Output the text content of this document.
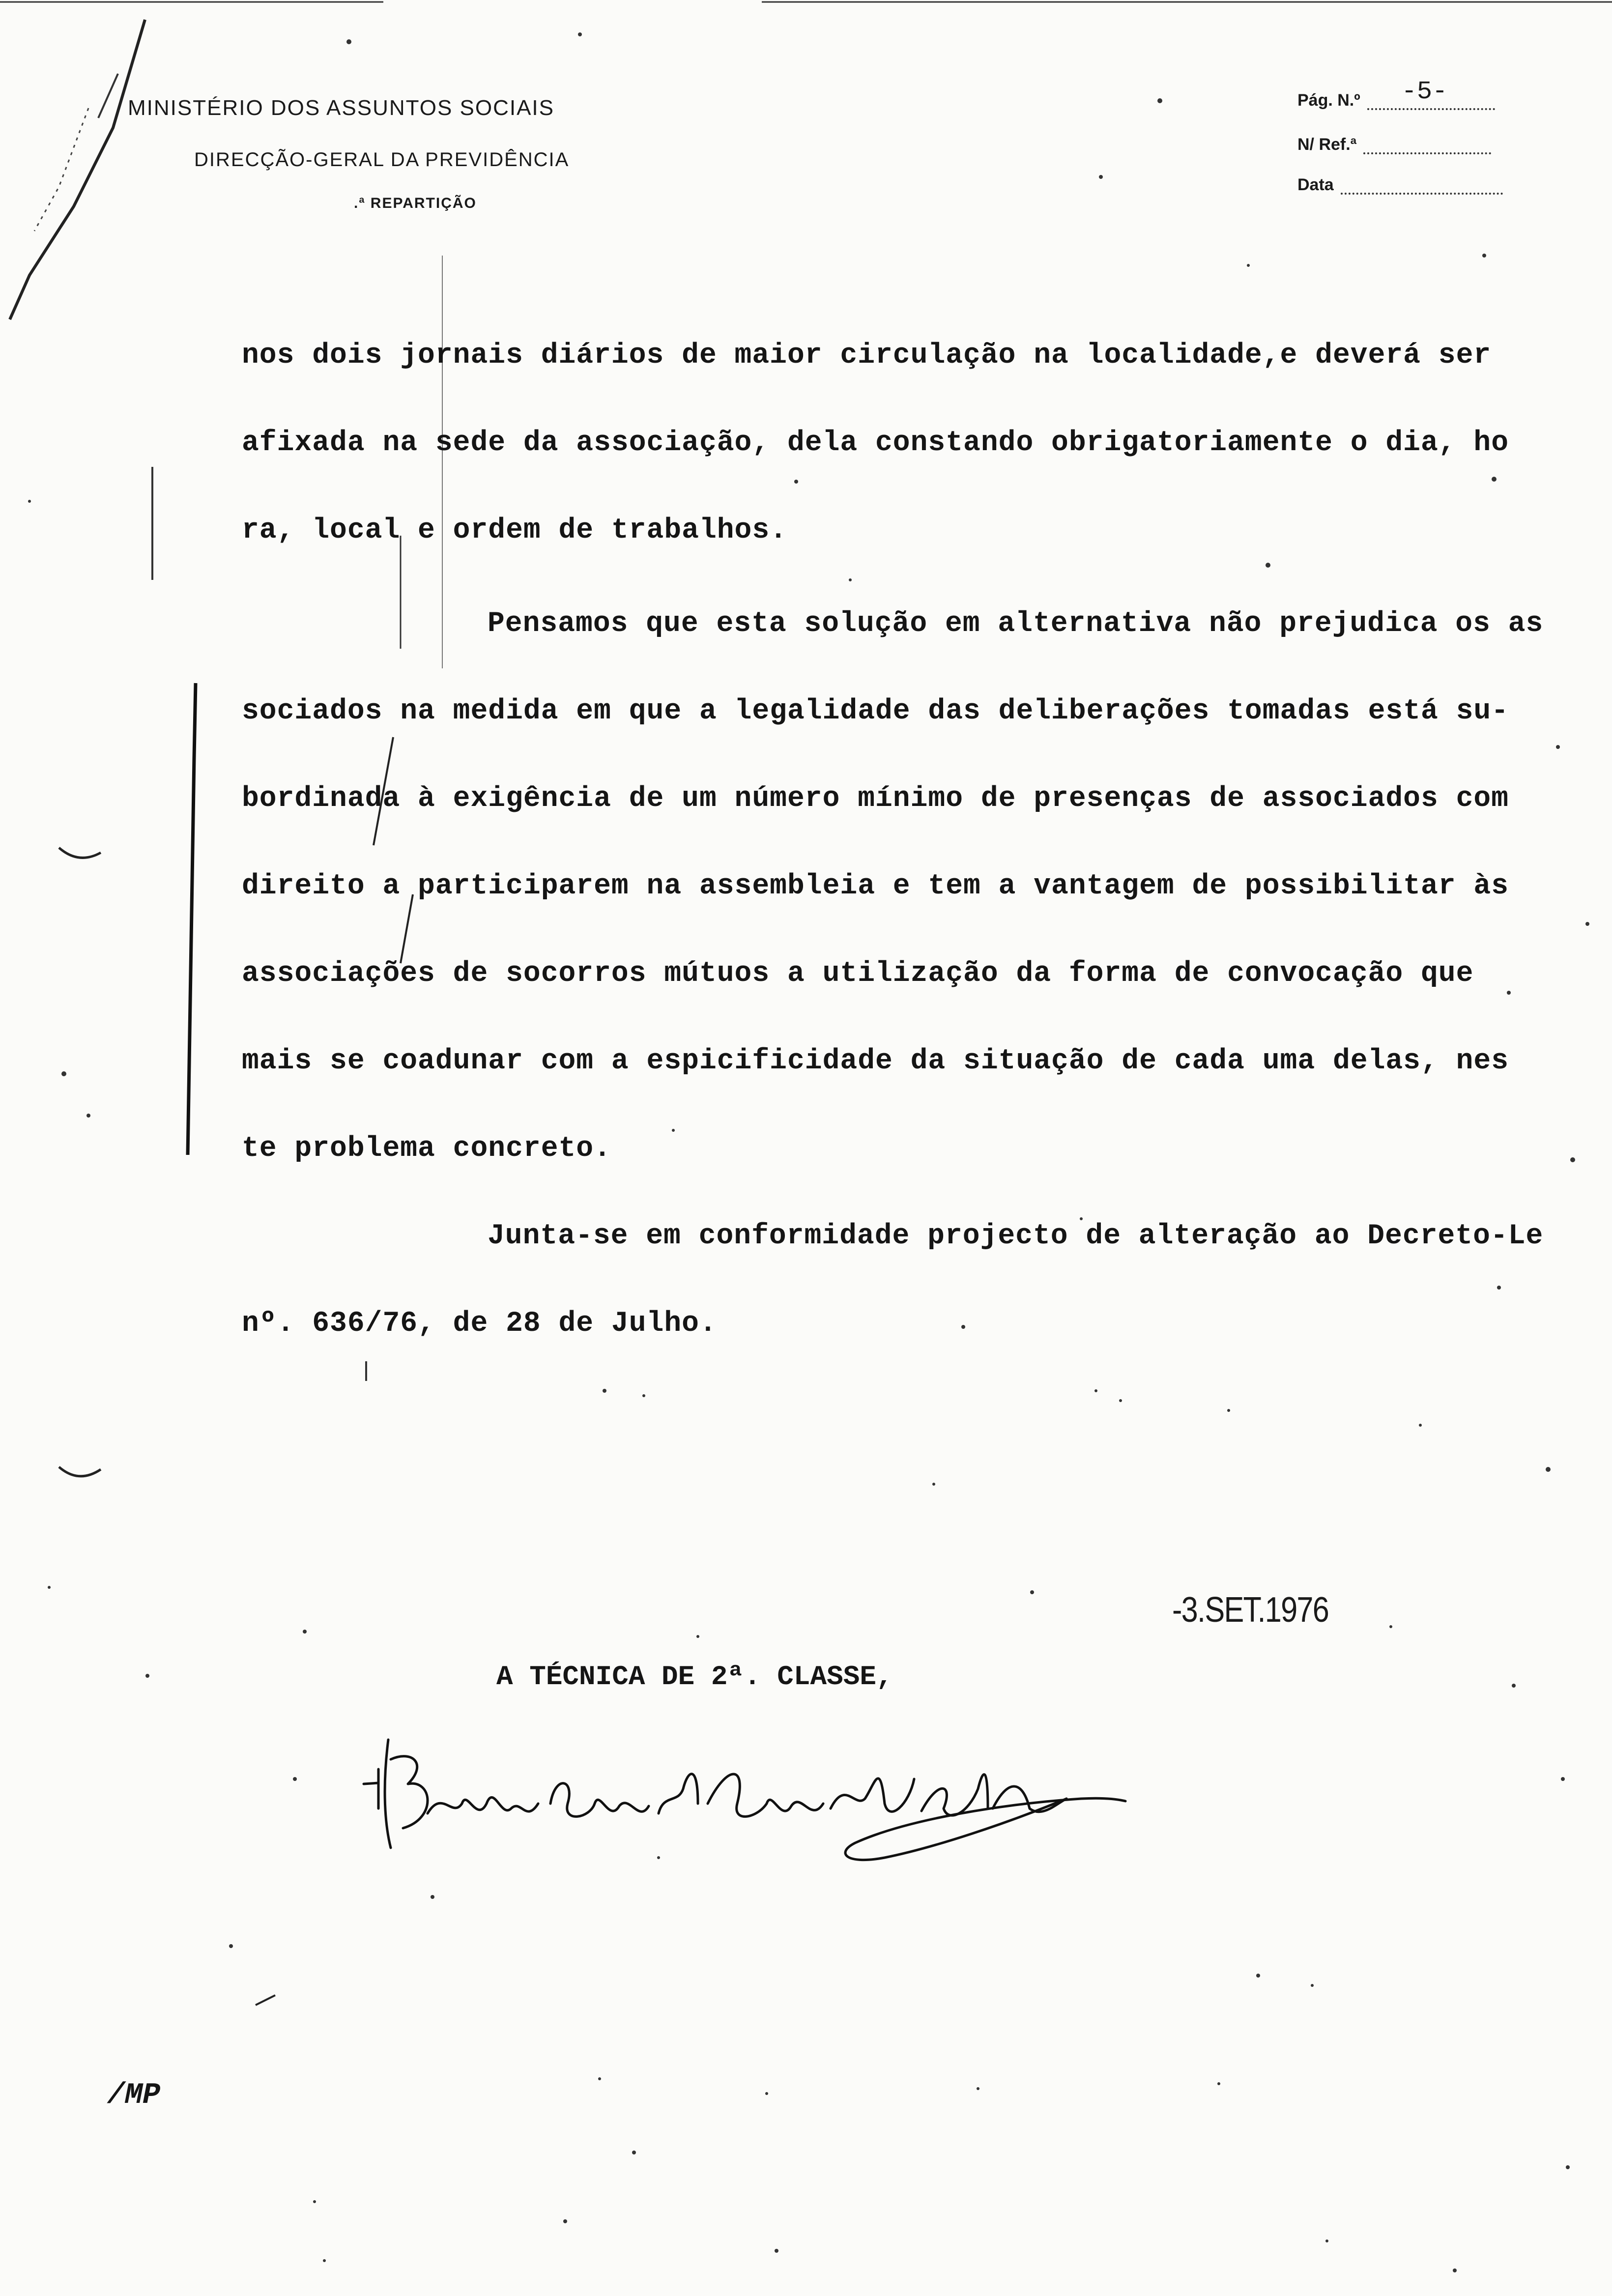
MINISTÉRIO DOS ASSUNTOS SOCIAIS
DIRECÇÃO-GERAL DA PREVIDÊNCIA
.ª REPARTIÇÃO
Pág. N.º -5-
N/ Ref.ª
Data
nos dois jornais diários de maior circulação na localidade,e deverá ser
afixada na sede da associação, dela constando obrigatoriamente o dia, ho
ra, local e ordem de trabalhos.
Pensamos que esta solução em alternativa não prejudica os as
sociados na medida em que a legalidade das deliberações tomadas está su-
bordinada à exigência de um número mínimo de presenças de associados com
direito a participarem na assembleia e tem a vantagem de possibilitar às
associações de socorros mútuos a utilização da forma de convocação que
mais se coadunar com a espicificidade da situação de cada uma delas, nes
te problema concreto.
Junta-se em conformidade projecto de alteração ao Decreto-Le
nº. 636/76, de 28 de Julho.
-3.SET.1976
A TÉCNICA DE 2ª. CLASSE,
/MP
